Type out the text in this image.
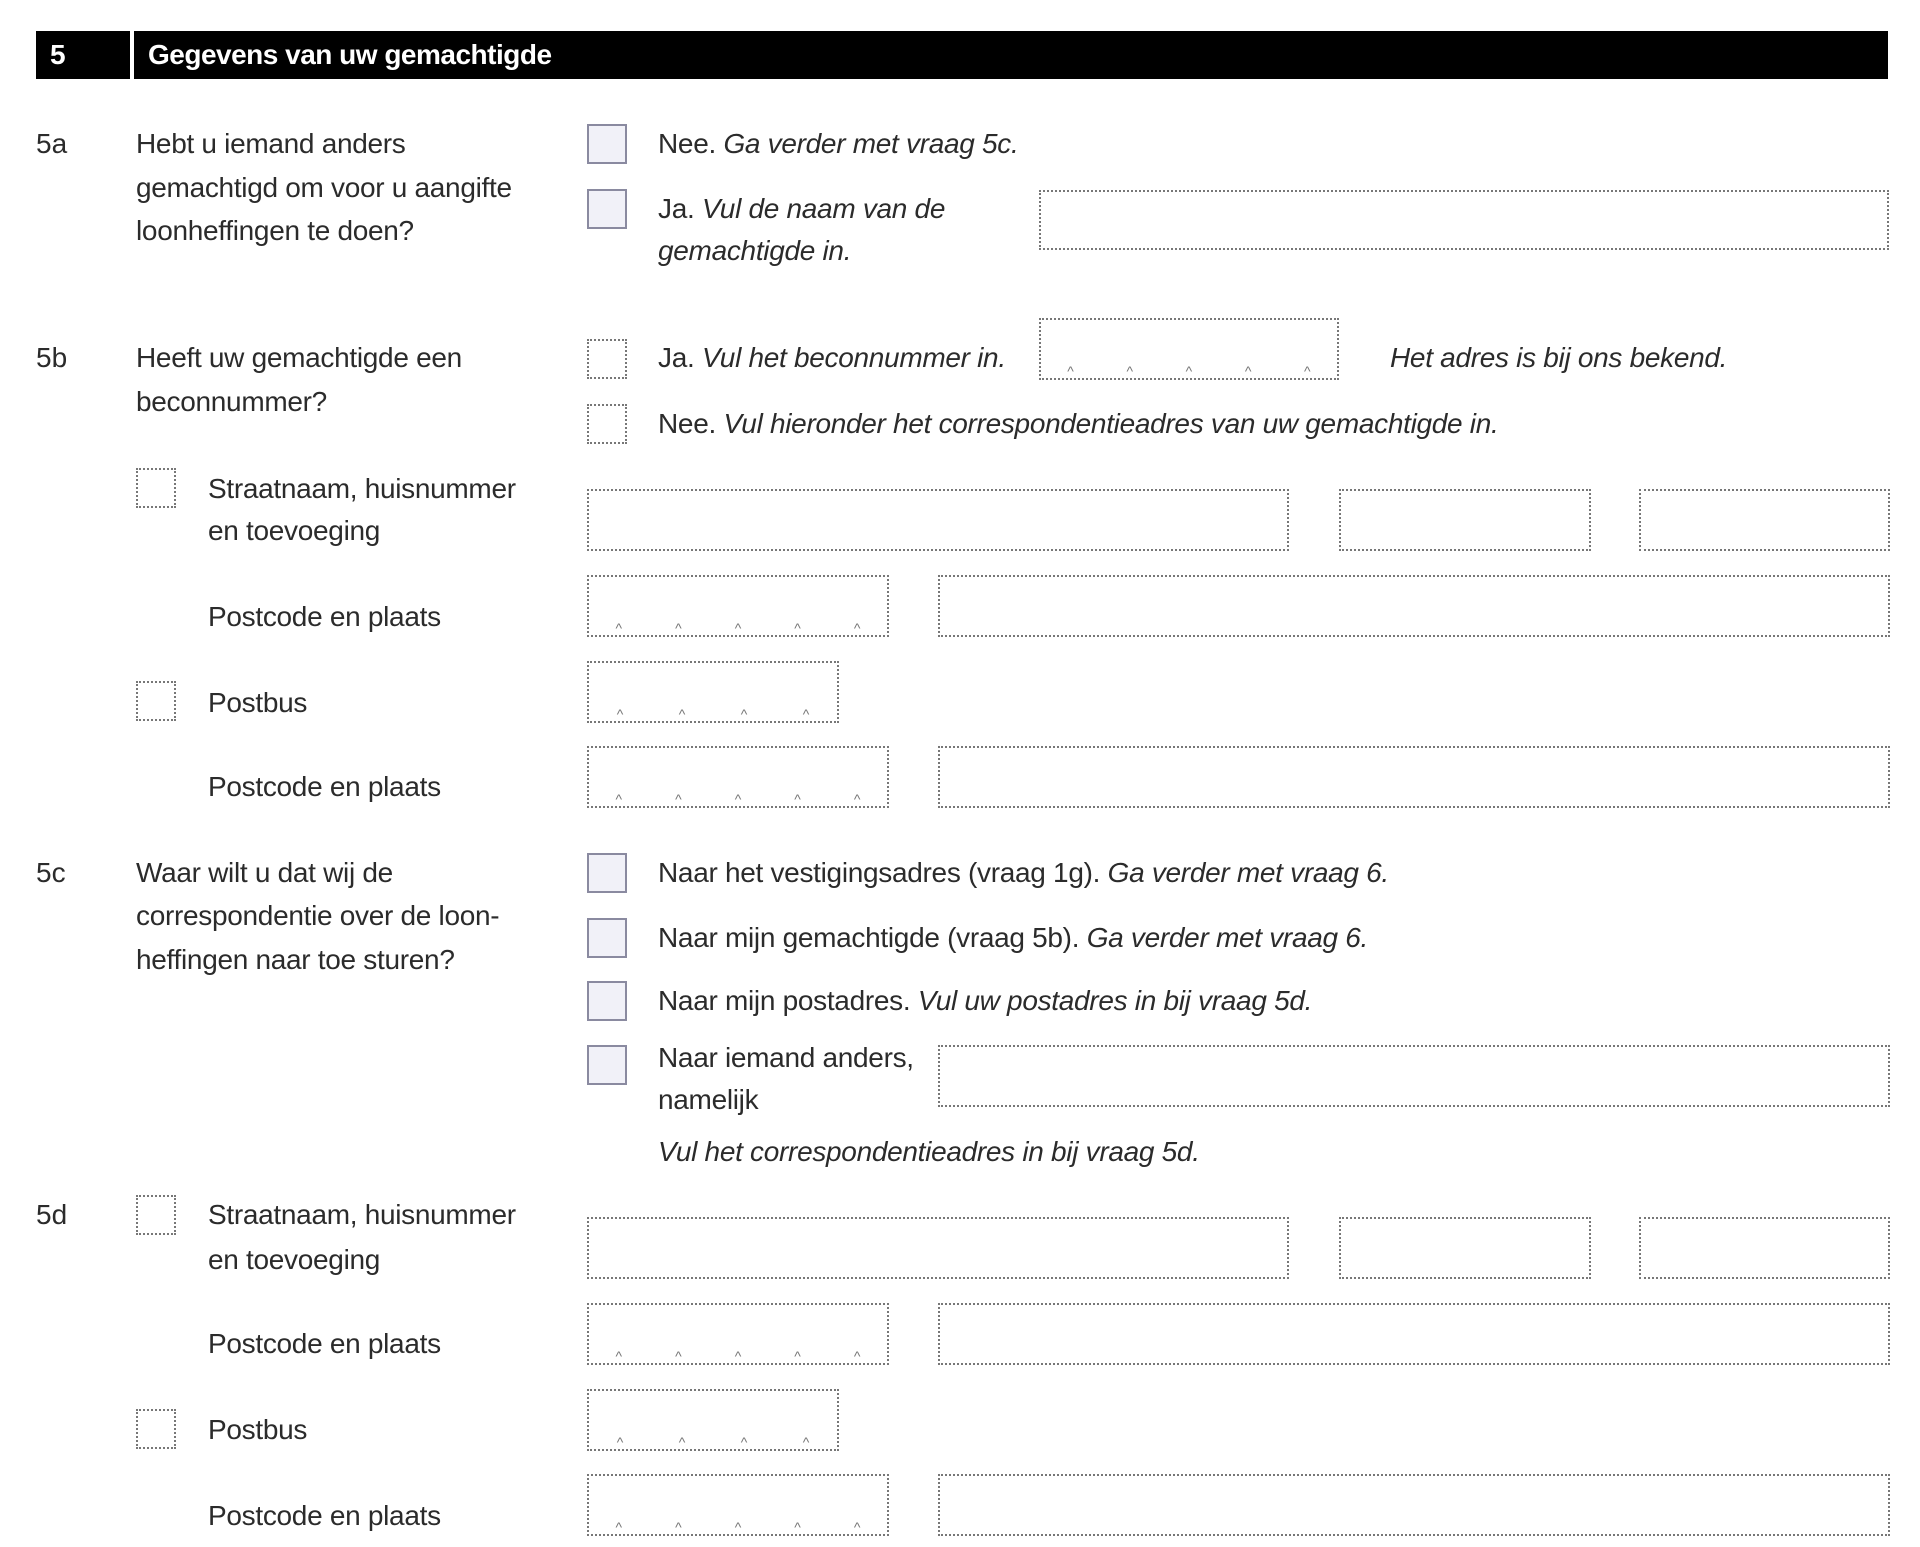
5	Gegevens van uw gemachtigde
5a Hebt u iemand anders
gemachtigd om voor u aangifte
loonheffingen te doen?
Nee. Ga verder met vraag 5c.
Ja. Vul de naam van de
gemachtigde in.
5b Heeft uw gemachtigde een
beconnummer?
Ja. Vul het beconnummer in.	^	^	^	^	^	Het adres is bij ons bekend.
Nee. Vul hieronder het correspondentieadres van uw gemachtigde in.
Straatnaam, huisnummer
en toevoeging
Postcode en plaats	^	^	^	^	^
Postbus	^	^	^	^
Postcode en plaats	^	^	^	^	^
5c	Waar wilt u dat wij de
correspondentie over de loon-
heffingen naar toe sturen?
Naar het vestigingsadres (vraag 1g). Ga verder met vraag 6.
Naar mijn gemachtigde (vraag 5b). Ga verder met vraag 6.
Naar mijn postadres. Vul uw postadres in bij vraag 5d.
Naar iemand anders,
namelijk
Vul het correspondentieadres in bij vraag 5d.
5d	Straatnaam, huisnummer
en toevoeging
Postcode en plaats	^	^	^	^	^
Postbus	^	^	^	^
Postcode en plaats	^	^	^	^	^
